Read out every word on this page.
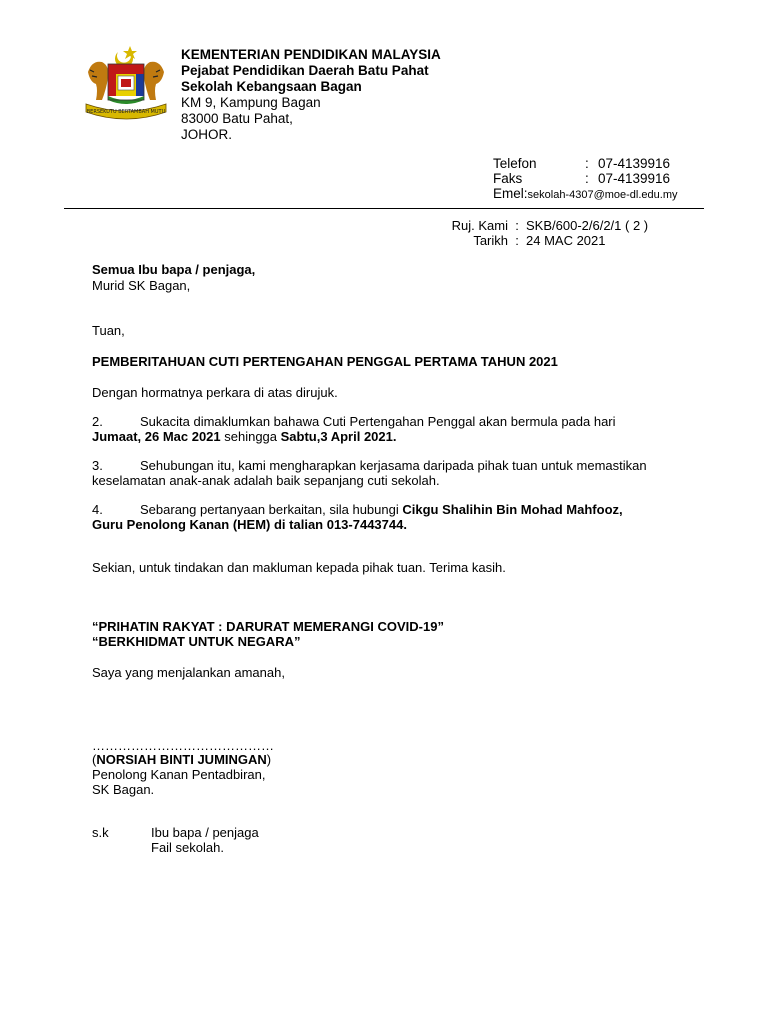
BERSEKUTU BERTAMBAH MUTU
KEMENTERIAN PENDIDIKAN MALAYSIA
Pejabat Pendidikan Daerah Batu Pahat
Sekolah Kebangsaan Bagan
KM 9, Kampung Bagan
83000 Batu Pahat,
JOHOR.
Telefon	: 07-4139916
Faks	: 07-4139916
Emel:sekolah-4307@moe-dl.edu.my
Ruj. Kami : SKB/600-2/6/2/1 ( 2 )
Tarikh : 24 MAC 2021
Semua Ibu bapa / penjaga,
Murid SK Bagan,
Tuan,
PEMBERITAHUAN CUTI PERTENGAHAN PENGGAL PERTAMA TAHUN 2021
Dengan hormatnya perkara di atas dirujuk.
2.	Sukacita dimaklumkan bahawa Cuti Pertengahan Penggal akan bermula pada hari
Jumaat, 26 Mac 2021 sehingga Sabtu,3 April 2021.
3.	Sehubungan itu, kami mengharapkan kerjasama daripada pihak tuan untuk memastikan
keselamatan anak-anak adalah baik sepanjang cuti sekolah.
4.	Sebarang pertanyaan berkaitan, sila hubungi Cikgu Shalihin Bin Mohad Mahfooz,
Guru Penolong Kanan (HEM) di talian 013-7443744.
Sekian, untuk tindakan dan makluman kepada pihak tuan. Terima kasih.
“PRIHATIN RAKYAT : DARURAT MEMERANGI COVID-19”
“BERKHIDMAT UNTUK NEGARA”
Saya yang menjalankan amanah,
……………………………………
(NORSIAH BINTI JUMINGAN)
Penolong Kanan Pentadbiran,
SK Bagan.
s.k	Ibu bapa / penjaga
Fail sekolah.
